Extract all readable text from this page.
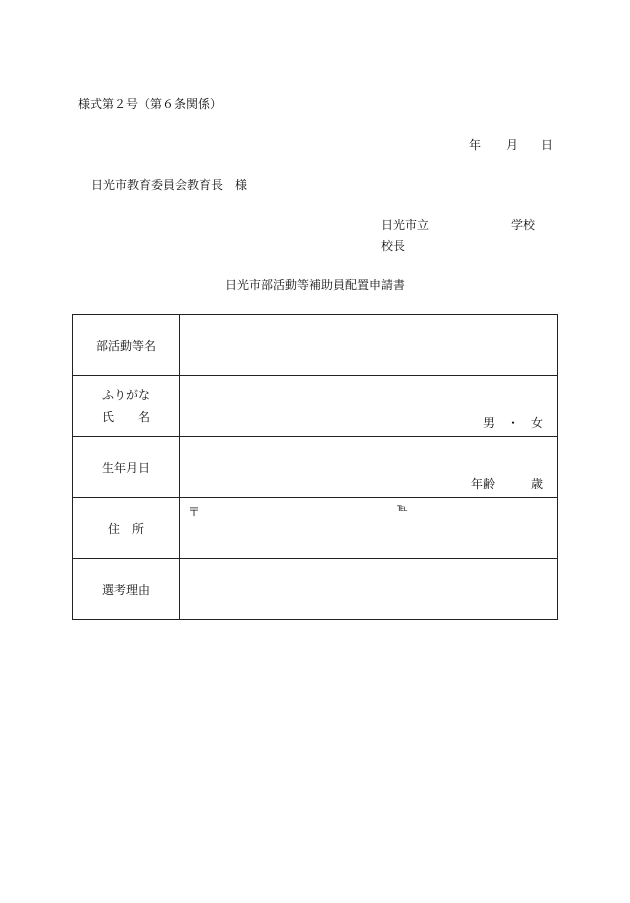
様式第２号（第６条関係）
年 月 日
日光市教育委員会教育長　様
日光市立	学校
校長
日光市部活動等補助員配置申請書
部活動等名	

ふりがな
氏　　名	男　・　女

生年月日	年齢　　　歳

住　所	〒 ℡

選考理由	
